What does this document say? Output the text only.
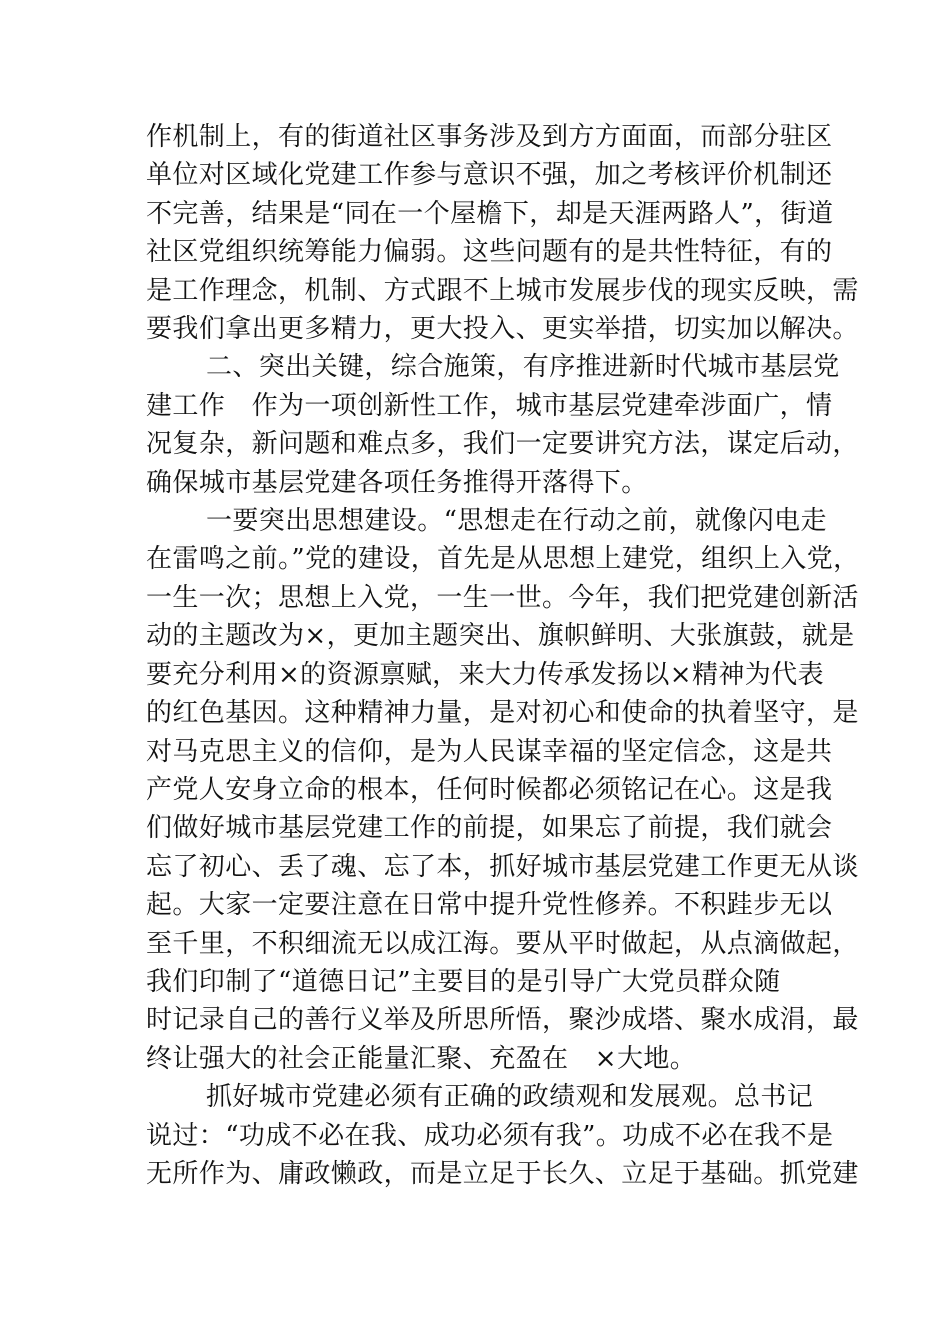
作机制上，有的街道社区事务涉及到方方面面，而部分驻区
单位对区域化党建工作参与意识不强，加之考核评价机制还
不完善，结果是“同在一个屋檐下，却是天涯两路人”，街道
社区党组织统筹能力偏弱。这些问题有的是共性特征，有的
是工作理念，机制、方式跟不上城市发展步伐的现实反映，需
要我们拿出更多精力，更大投入、更实举措，切实加以解决。

二、突出关键，综合施策，有序推进新时代城市基层党
建工作　作为一项创新性工作，城市基层党建牵涉面广，情
况复杂，新问题和难点多，我们一定要讲究方法，谋定后动，
确保城市基层党建各项任务推得开落得下。

一要突出思想建设。“思想走在行动之前，就像闪电走
在雷鸣之前。”党的建设，首先是从思想上建党，组织上入党，
一生一次；思想上入党，一生一世。今年，我们把党建创新活
动的主题改为×，更加主题突出、旗帜鲜明、大张旗鼓，就是
要充分利用×的资源禀赋，来大力传承发扬以×精神为代表
的红色基因。这种精神力量，是对初心和使命的执着坚守，是
对马克思主义的信仰，是为人民谋幸福的坚定信念，这是共
产党人安身立命的根本，任何时候都必须铭记在心。这是我
们做好城市基层党建工作的前提，如果忘了前提，我们就会
忘了初心、丢了魂、忘了本，抓好城市基层党建工作更无从谈
起。大家一定要注意在日常中提升党性修养。不积跬步无以
至千里，不积细流无以成江海。要从平时做起，从点滴做起，
我们印制了“道德日记”主要目的是引导广大党员群众随
时记录自己的善行义举及所思所悟，聚沙成塔、聚水成涓，最
终让强大的社会正能量汇聚、充盈在　×大地。

抓好城市党建必须有正确的政绩观和发展观。总书记
说过：“功成不必在我、成功必须有我”。功成不必在我不是
无所作为、庸政懒政，而是立足于长久、立足于基础。抓党建
